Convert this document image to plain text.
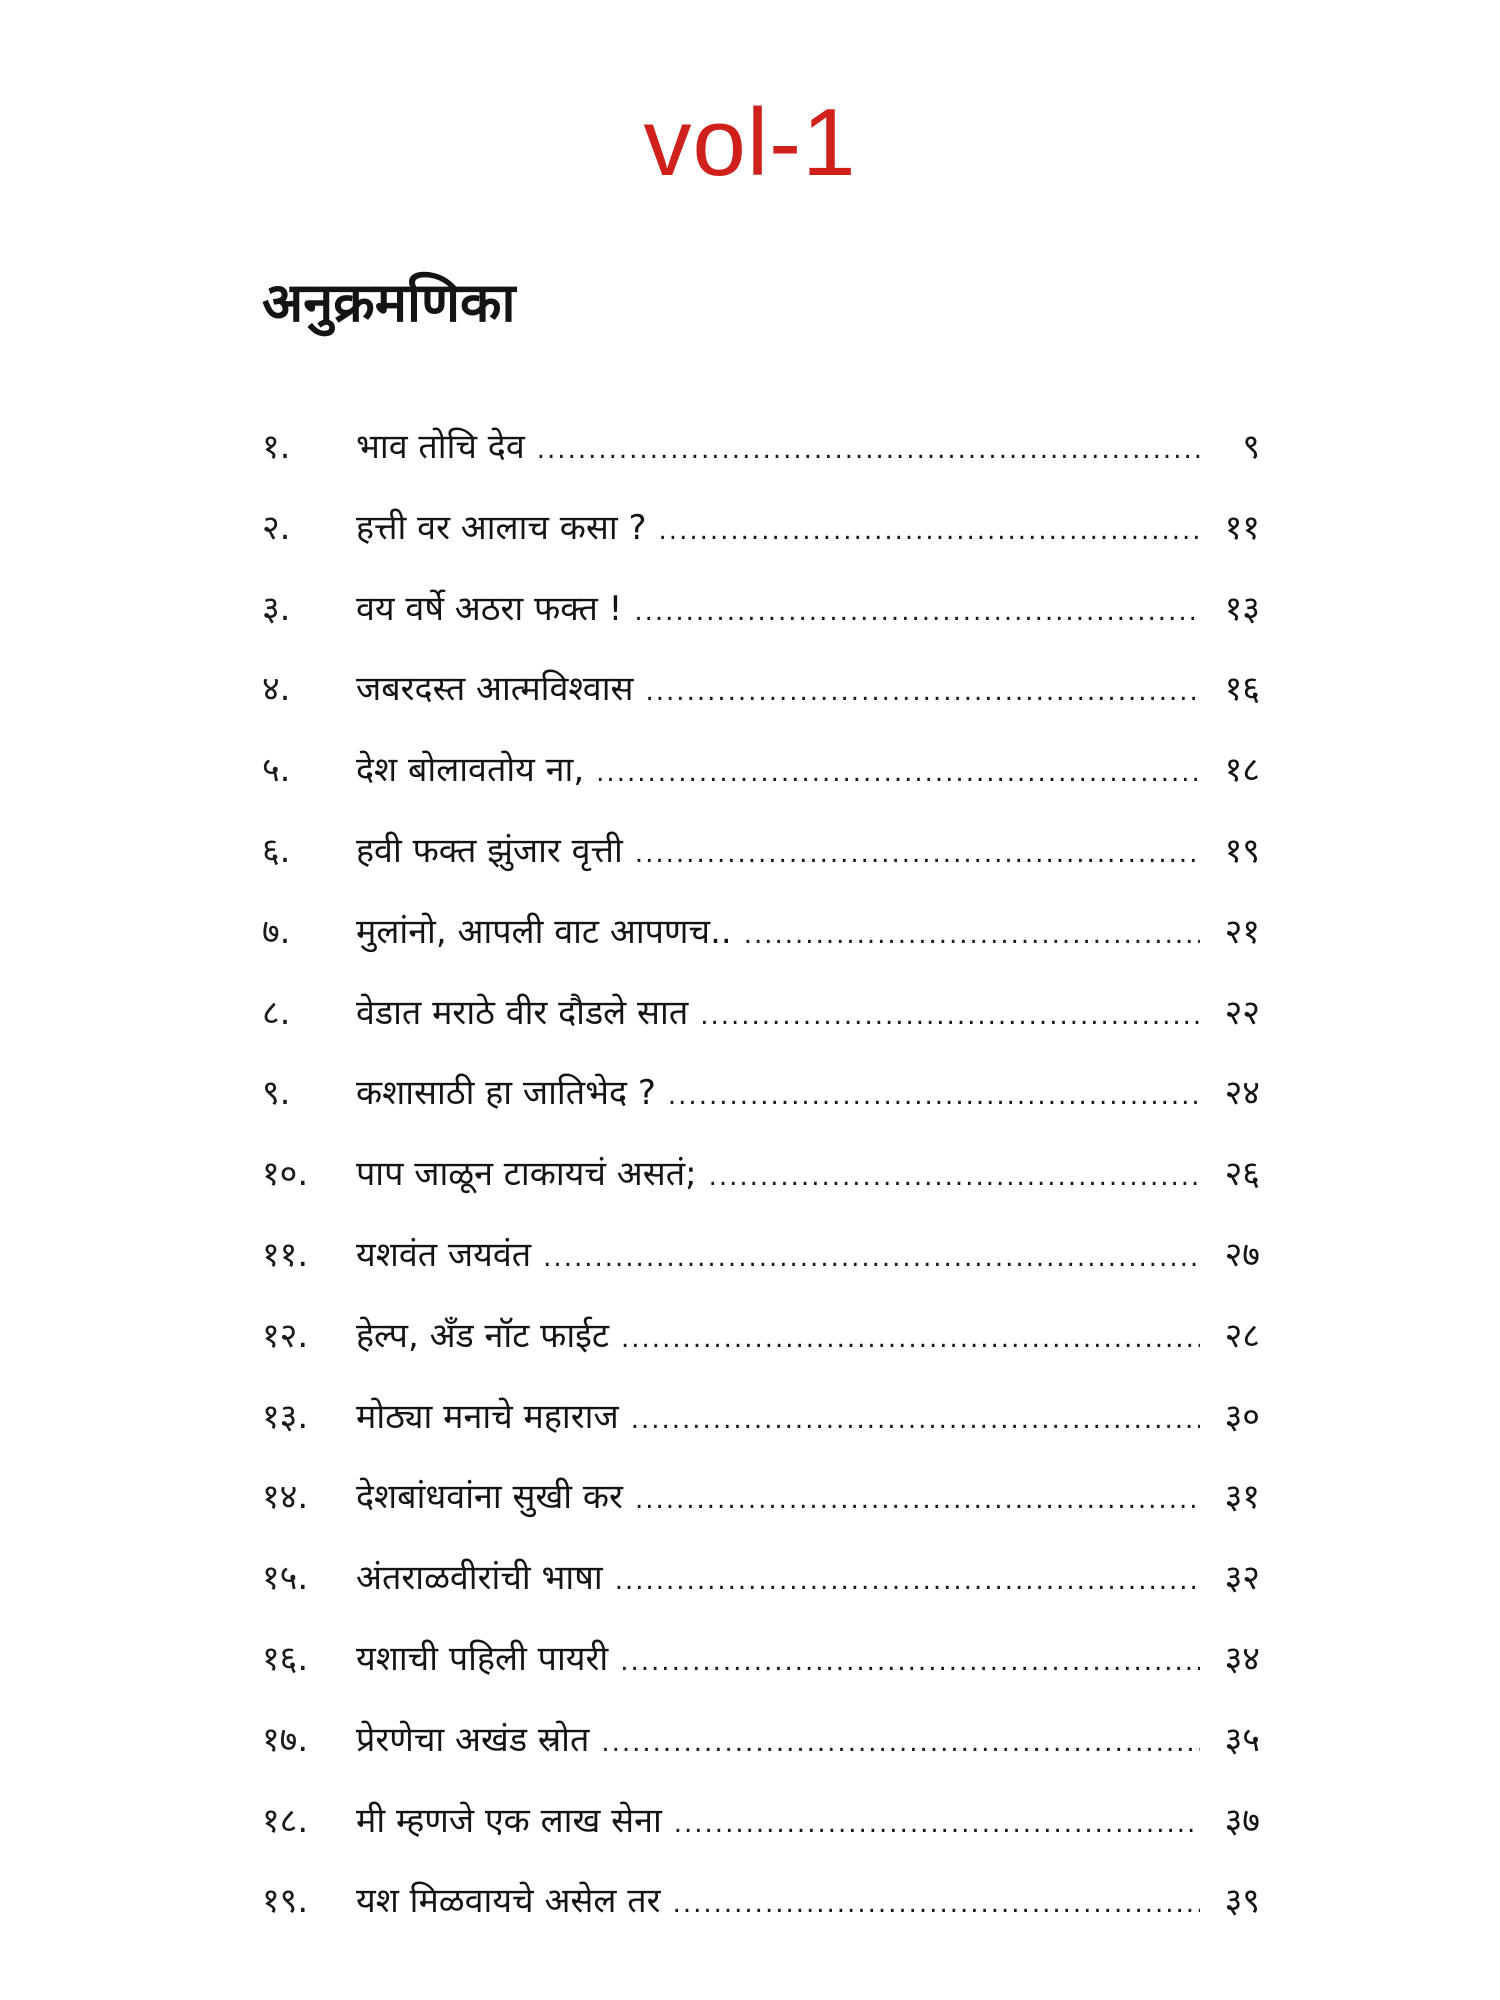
vol-1
अनुक्रमणिका
१.	भाव तोचि देव .....	९
२.	हत्ती वर आलाच कसा ? .....	११
३.	वय वर्षे अठरा फक्त ! .....	१३
४.	जबरदस्त आत्मविश्वास .....	१६
५.	देश बोलावतोय ना, .....	१८
६.	हवी फक्त झुंजार वृत्ती .....	१९
७.	मुलांनो, आपली वाट आपणच.. .....	२१
८.	वेडात मराठे वीर दौडले सात .....	२२
९.	कशासाठी हा जातिभेद ? .....	२४
१०.	पाप जाळून टाकायचं असतं; .....	२६
११.	यशवंत जयवंत .....	२७
१२.	हेल्प, अँड नॉट फाईट .....	२८
१३.	मोठ्या मनाचे महाराज .....	३०
१४.	देशबांधवांना सुखी कर .....	३१
१५.	अंतराळवीरांची भाषा .....	३२
१६.	यशाची पहिली पायरी .....	३४
१७.	प्रेरणेचा अखंड स्रोत .....	३५
१८.	मी म्हणजे एक लाख सेना .....	३७
१९.	यश मिळवायचे असेल तर .....	३९
